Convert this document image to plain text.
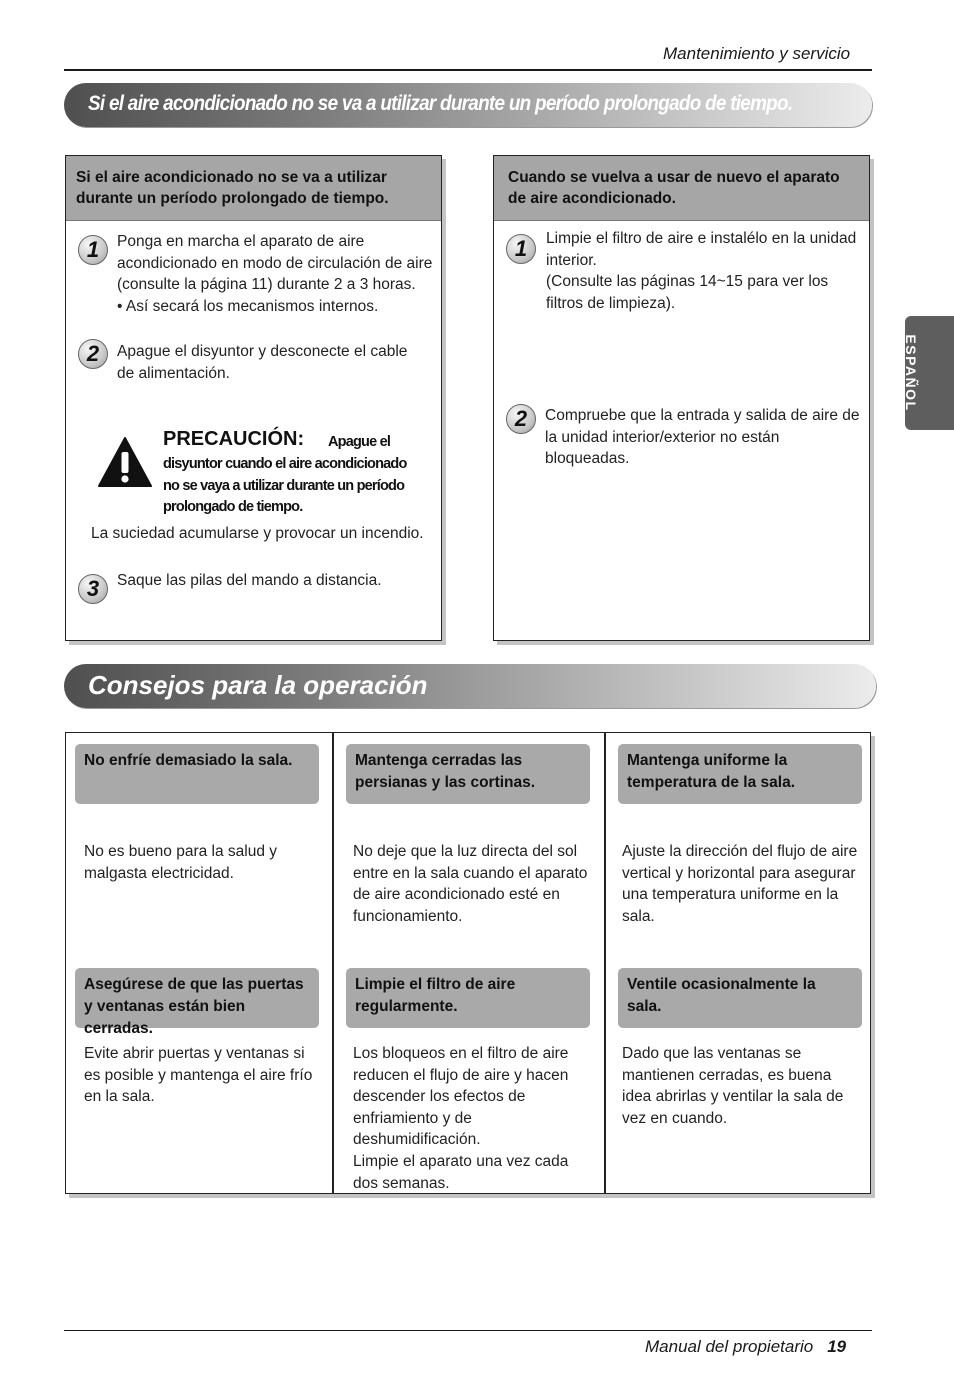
Mantenimiento y servicio
Si el aire acondicionado no se va a utilizar durante un período prolongado de tiempo.
Si el aire acondicionado no se va a utilizar durante un período prolongado de tiempo.
1	Ponga en marcha el aparato de aire acondicionado en modo de circulación de aire (consulte la página 11) durante 2 a 3 horas.
• Así secará los mecanismos internos.
2	Apague el disyuntor y desconecte el cable de alimentación.
PRECAUCIÓN: Apague el
disyuntor cuando el aire acondicionado
no se vaya a utilizar durante un período
prolongado de tiempo.
La suciedad acumularse y provocar un incendio.
3	Saque las pilas del mando a distancia.
Cuando se vuelva a usar de nuevo el aparato de aire acondicionado.
1	Limpie el filtro de aire e instalélo en la unidad interior.
(Consulte las páginas 14~15 para ver los filtros de limpieza).
2	Compruebe que la entrada y salida de aire de la unidad interior/exterior no están bloqueadas.
Consejos para la operación
No enfríe demasiado la sala.
No es bueno para la salud y malgasta electricidad.
Asegúrese de que las puertas y ventanas están bien cerradas.
Evite abrir puertas y ventanas si es posible y mantenga el aire frío en la sala.
Mantenga cerradas las persianas y las cortinas.
No deje que la luz directa del sol entre en la sala cuando el aparato de aire acondicionado esté en funcionamiento.
Limpie el filtro de aire regularmente.
Los bloqueos en el filtro de aire reducen el flujo de aire y hacen descender los efectos de enfriamiento y de deshumidificación.
Limpie el aparato una vez cada dos semanas.
Mantenga uniforme la temperatura de la sala.
Ajuste la dirección del flujo de aire vertical y horizontal para asegurar una temperatura uniforme en la sala.
Ventile ocasionalmente la sala.
Dado que las ventanas se mantienen cerradas, es buena idea abrirlas y ventilar la sala de vez en cuando.
ESPAÑOL
Manual del propietario 19
